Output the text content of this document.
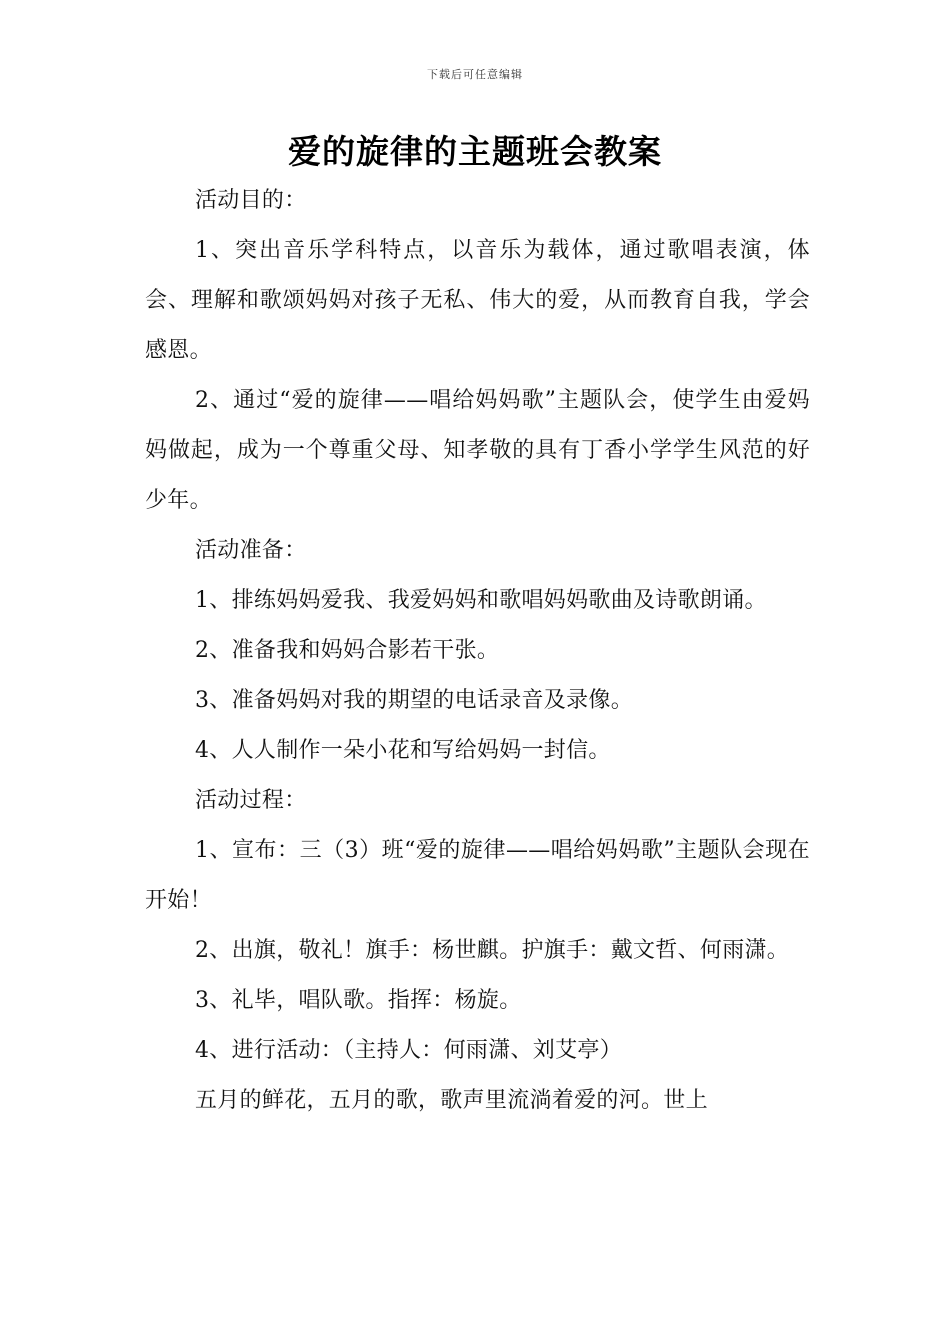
下载后可任意编辑
爱的旋律的主题班会教案

活动目的：

1、突出音乐学科特点，以音乐为载体，通过歌唱表演，体会、理解和歌颂妈妈对孩子无私、伟大的爱，从而教育自我，学会感恩。

2、通过“爱的旋律——唱给妈妈歌”主题队会，使学生由爱妈妈做起，成为一个尊重父母、知孝敬的具有丁香小学学生风范的好少年。

活动准备：

1、排练妈妈爱我、我爱妈妈和歌唱妈妈歌曲及诗歌朗诵。

2、准备我和妈妈合影若干张。

3、准备妈妈对我的期望的电话录音及录像。

4、人人制作一朵小花和写给妈妈一封信。

活动过程：

1、宣布：三（3）班“爱的旋律——唱给妈妈歌”主题队会现在开始！

2、出旗，敬礼！旗手：杨世麒。护旗手：戴文哲、何雨潇。

3、礼毕，唱队歌。指挥：杨旋。

4、进行活动：（主持人：何雨潇、刘艾亭）

五月的鲜花，五月的歌，歌声里流淌着爱的河。世上
